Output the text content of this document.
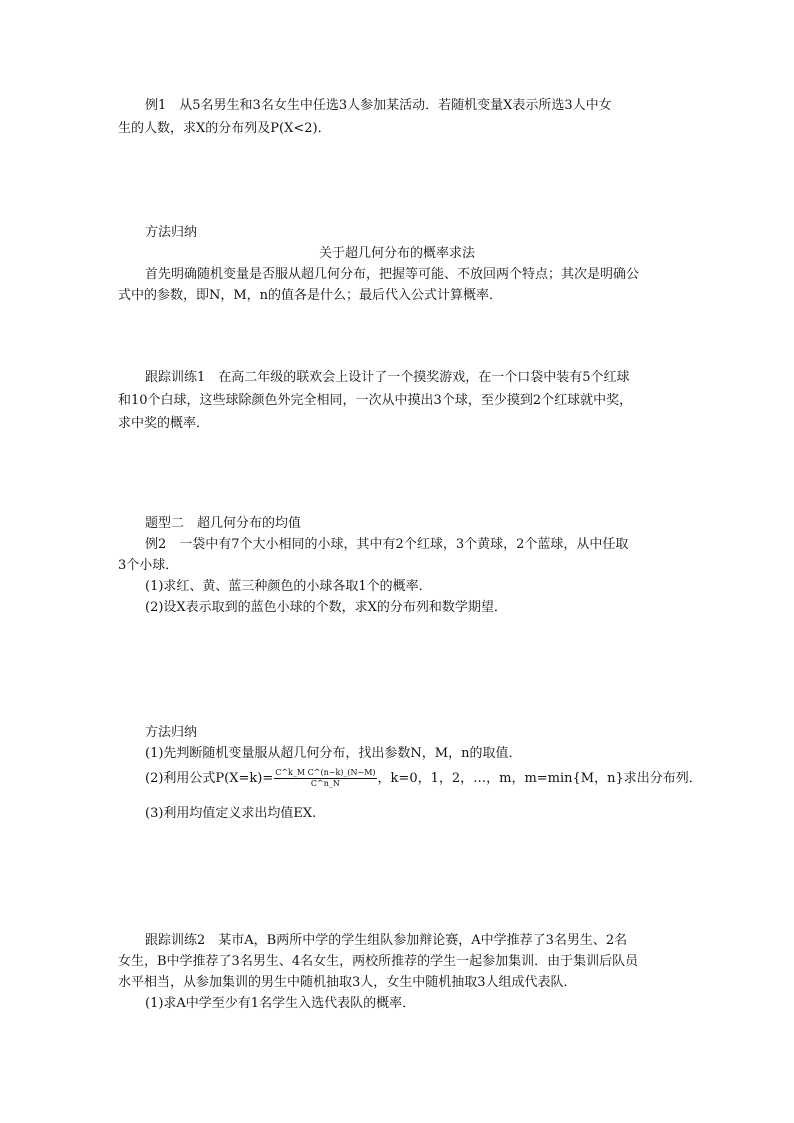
例1　从5名男生和3名女生中任选3人参加某活动．若随机变量X表示所选3人中女
生的人数，求X的分布列及P(X<2)．
方法归纳
关于超几何分布的概率求法
首先明确随机变量是否服从超几何分布，把握等可能、不放回两个特点；其次是明确公
式中的参数，即N，M，n的值各是什么；最后代入公式计算概率．
跟踪训练1　在高二年级的联欢会上设计了一个摸奖游戏，在一个口袋中装有5个红球
和10个白球，这些球除颜色外完全相同，一次从中摸出3个球，至少摸到2个红球就中奖，
求中奖的概率．
题型二　超几何分布的均值
例2　一袋中有7个大小相同的小球，其中有2个红球，3个黄球，2个蓝球，从中任取
3个小球．
(1)求红、黄、蓝三种颜色的小球各取1个的概率．
(2)设X表示取到的蓝色小球的个数，求X的分布列和数学期望．
方法归纳
(1)先判断随机变量服从超几何分布，找出参数N，M，n的取值．
(2)利用公式$P(X=k)= \frac{\text{C\textasciicircum{}k\_M C\textasciicircum{}(n−k)\_(N−M)}}{C\^{}n\_N}$ ，k=0，1，2，…，m，m=min{M，n}求出分布列．
(3)利用均值定义求出均值EX.
跟踪训练2　某市A，B两所中学的学生组队参加辩论赛，A中学推荐了3名男生、2名
女生，B中学推荐了3名男生、4名女生，两校所推荐的学生一起参加集训．由于集训后队员
水平相当，从参加集训的男生中随机抽取3人，女生中随机抽取3人组成代表队．
(1)求A中学至少有1名学生入选代表队的概率．
